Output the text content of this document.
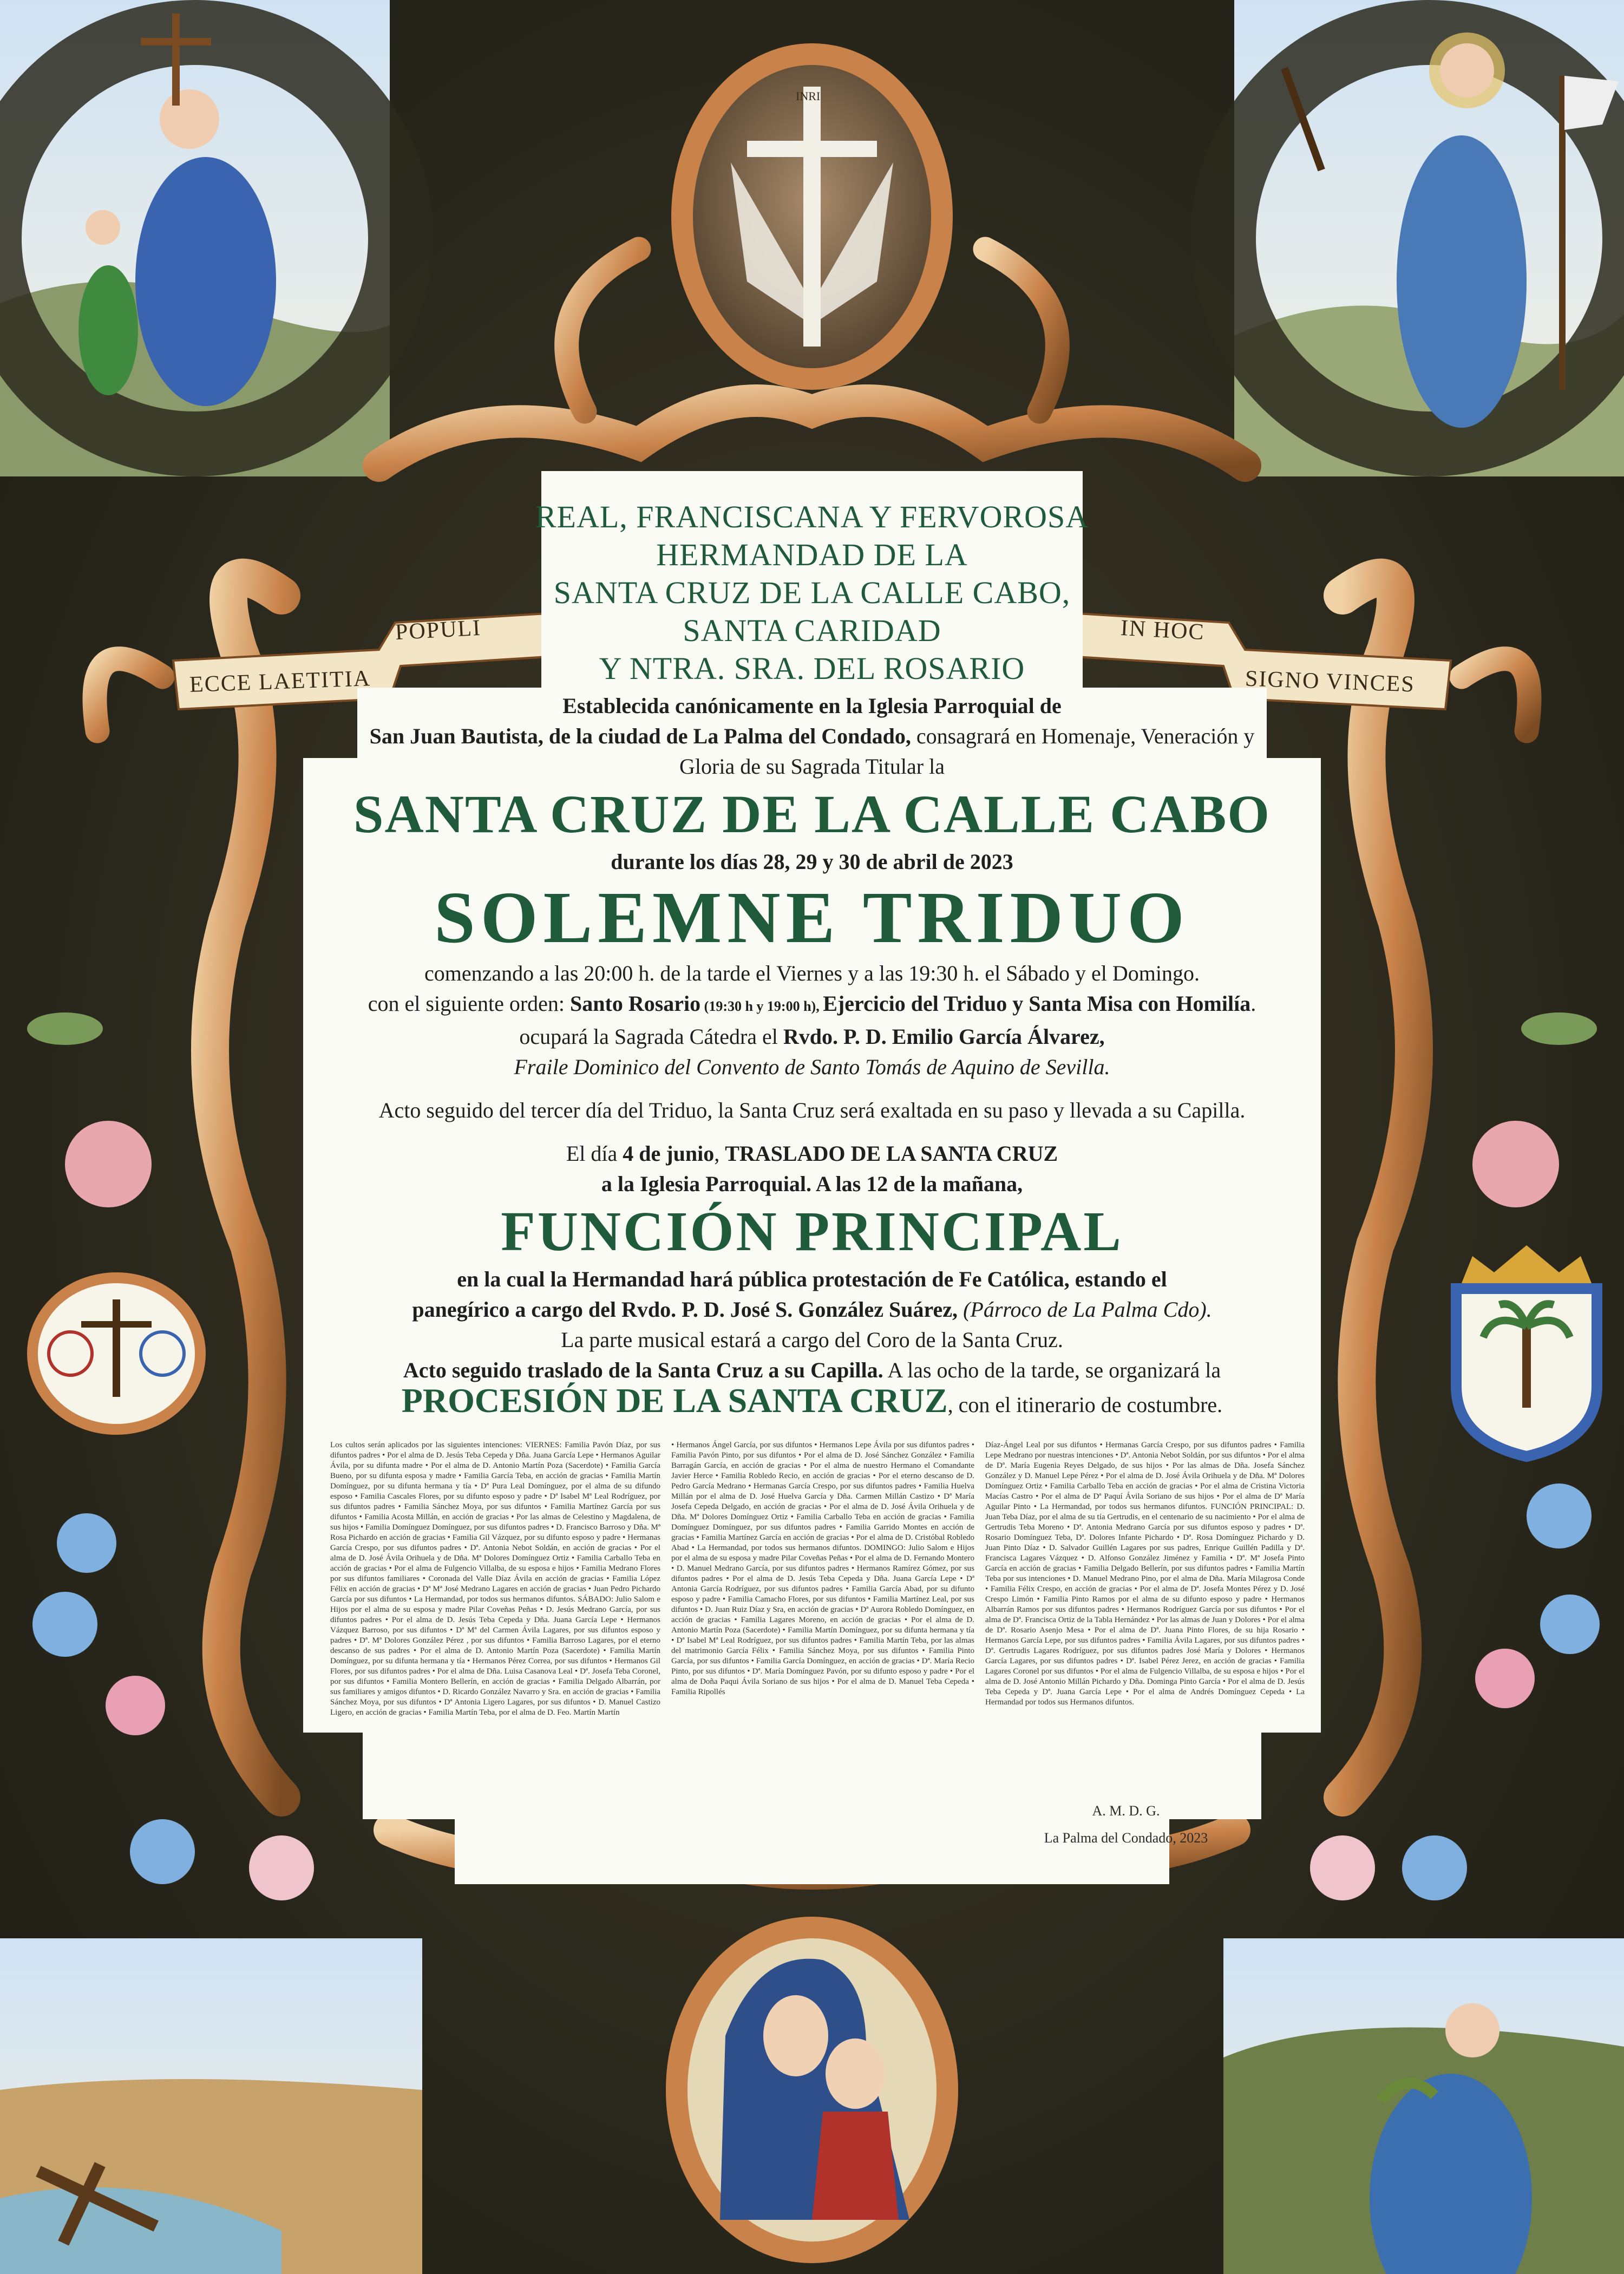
POPULI
ECCE LAETITIA
IN HOC
SIGNO VINCES
REAL, FRANCISCANA Y FERVOROSA
HERMANDAD DE LA
SANTA CRUZ DE LA CALLE CABO,
SANTA CARIDAD
Y NTRA. SRA. DEL ROSARIO
Establecida canónicamente en la Iglesia Parroquial de
San Juan Bautista, de la ciudad de La Palma del Condado, consagrará en Homenaje, Veneración y
Gloria de su Sagrada Titular la
SANTA CRUZ DE LA CALLE CABO
durante los días 28, 29 y 30 de abril de 2023
SOLEMNE TRIDUO
comenzando a las 20:00 h. de la tarde el Viernes y a las 19:30 h. el Sábado y el Domingo.
con el siguiente orden: Santo Rosario (19:30 h y 19:00 h), Ejercicio del Triduo y Santa Misa con Homilía.
ocupará la Sagrada Cátedra el Rvdo. P. D. Emilio García Álvarez,
Fraile Dominico del Convento de Santo Tomás de Aquino de Sevilla.
Acto seguido del tercer día del Triduo, la Santa Cruz será exaltada en su paso y llevada a su Capilla.
El día 4 de junio, TRASLADO DE LA SANTA CRUZ
a la Iglesia Parroquial. A las 12 de la mañana,
FUNCIÓN PRINCIPAL
en la cual la Hermandad hará pública protestación de Fe Católica, estando el
panegírico a cargo del Rvdo. P. D. José S. González Suárez, (Párroco de La Palma Cdo).
La parte musical estará a cargo del Coro de la Santa Cruz.
Acto seguido traslado de la Santa Cruz a su Capilla. A las ocho de la tarde, se organizará la
PROCESIÓN DE LA SANTA CRUZ, con el itinerario de costumbre.
Los cultos serán aplicados por las siguientes intenciones: VIERNES: Familia Pavón Díaz, por sus difuntos padres • Por el alma de D. Jesús Teba Cepeda y Dña. Juana García Lepe • Hermanos Aguilar Ávila, por su difunta madre • Por el alma de D. Antonio Martín Poza (Sacerdote) • Familia García Bueno, por su difunta esposa y madre • Familia García Teba, en acción de gracias • Familia Martín Domínguez, por su difunta hermana y tía • Dª Pura Leal Domínguez, por el alma de su difundo esposo • Familia Cascales Flores, por su difunto esposo y padre • Dª Isabel Mª Leal Rodríguez, por sus difuntos padres • Familia Sánchez Moya, por sus difuntos • Familia Martínez García por sus difuntos • Familia Acosta Millán, en acción de gracias • Por las almas de Celestino y Magdalena, de sus hijos • Familia Domínguez Domínguez, por sus difuntos padres • D. Francisco Barroso y Dña. Mª Rosa Pichardo en acción de gracias • Familia Gil Vázquez, por su difunto esposo y padre • Hermanas García Crespo, por sus difuntos padres • Dª. Antonia Nebot Soldán, en acción de gracias • Por el alma de D. José Ávila Orihuela y de Dña. Mª Dolores Domínguez Ortiz • Familia Carballo Teba en acción de gracias • Por el alma de Fulgencio Villalba, de su esposa e hijos • Familia Medrano Flores por sus difuntos familiares • Coronada del Valle Díaz Ávila en acción de gracias • Familia López Félix en acción de gracias • Dª Mª José Medrano Lagares en acción de gracias • Juan Pedro Pichardo García por sus difuntos • La Hermandad, por todos sus hermanos difuntos. SÁBADO: Julio Salom e Hijos por el alma de su esposa y madre Pilar Coveñas Peñas • D. Jesús Medrano García, por sus difuntos padres • Por el alma de D. Jesús Teba Cepeda y Dña. Juana García Lepe • Hermanos Vázquez Barroso, por sus difuntos • Dª Mª del Carmen Ávila Lagares, por sus difuntos esposo y padres • Dª. Mª Dolores González Pérez , por sus difuntos • Familia Barroso Lagares, por el eterno descanso de sus padres • Por el alma de D. Antonio Martín Poza (Sacerdote) • Familia Martín Domínguez, por su difunta hermana y tía • Hermanos Pérez Correa, por sus difuntos • Hermanos Gil Flores, por sus difuntos padres • Por el alma de Dña. Luisa Casanova Leal • Dª. Josefa Teba Coronel, por sus difuntos • Familia Montero Bellerín, en acción de gracias • Familia Delgado Albarrán, por sus familiares y amigos difuntos • D. Ricardo González Navarro y Sra. en acción de gracias • Familia Sánchez Moya, por sus difuntos • Dª Antonia Ligero Lagares, por sus difuntos • D. Manuel Castizo Ligero, en acción de gracias • Familia Martín Teba, por el alma de D. Feo. Martín Martín
• Hermanos Ángel García, por sus difuntos • Hermanos Lepe Ávila por sus difuntos padres • Familia Pavón Pinto, por sus difuntos • Por el alma de D. José Sánchez González • Familia Barragán García, en acción de gracias • Por el alma de nuestro Hermano el Comandante Javier Herce • Familia Robledo Recio, en acción de gracias • Por el eterno descanso de D. Pedro García Medrano • Hermanas García Crespo, por sus difuntos padres • Familia Huelva Millán por el alma de D. José Huelva García y Dña. Carmen Millán Castizo • Dª María Josefa Cepeda Delgado, en acción de gracias • Por el alma de D. José Ávila Orihuela y de Dña. Mª Dolores Domínguez Ortiz • Familia Carballo Teba en acción de gracias • Familia Domínguez Domínguez, por sus difuntos padres • Familia Garrido Montes en acción de gracias • Familia Martínez García en acción de gracias • Por el alma de D. Cristóbal Robledo Abad • La Hermandad, por todos sus hermanos difuntos. DOMINGO: Julio Salom e Hijos por el alma de su esposa y madre Pilar Coveñas Peñas • Por el alma de D. Fernando Montero • D. Manuel Medrano García, por sus difuntos padres • Hermanos Ramírez Gómez, por sus difuntos padres • Por el alma de D. Jesús Teba Cepeda y Dña. Juana García Lepe • Dª Antonia García Rodríguez, por sus difuntos padres • Familia García Abad, por su difunto esposo y padre • Familia Camacho Flores, por sus difuntos • Familia Martínez Leal, por sus difuntos • D. Juan Ruiz Díaz y Sra, en acción de gracias • Dª Aurora Robledo Domínguez, en acción de gracias • Familia Lagares Moreno, en acción de gracias • Por el alma de D. Antonio Martín Poza (Sacerdote) • Familia Martín Domínguez, por su difunta hermana y tía • Dª Isabel Mª Leal Rodríguez, por sus difuntos padres • Familia Martín Teba, por las almas del matrimonio García Félix • Familia Sánchez Moya, por sus difuntos • Familia Pinto García, por sus difuntos • Familia García Domínguez, en acción de gracias • Dª. María Recio Pinto, por sus difuntos • Dª. María Domínguez Pavón, por su difunto esposo y padre • Por el alma de Doña Paqui Ávila Soriano de sus hijos • Por el alma de D. Manuel Teba Cepeda • Familia Ripollés
Díaz-Ángel Leal por sus difuntos • Hermanas García Crespo, por sus difuntos padres • Familia Lepe Medrano por nuestras intenciones • Dª. Antonia Nebot Soldán, por sus difuntos • Por el alma de Dª. María Eugenia Reyes Delgado, de sus hijos • Por las almas de Dña. Josefa Sánchez González y D. Manuel Lepe Pérez • Por el alma de D. José Ávila Orihuela y de Dña. Mª Dolores Domínguez Ortiz • Familia Carballo Teba en acción de gracias • Por el alma de Cristina Victoria Macías Castro • Por el alma de Dª Paquí Ávila Soriano de sus hijos • Por el alma de Dª María Aguilar Pinto • La Hermandad, por todos sus hermanos difuntos. FUNCIÓN PRINCIPAL: D. Juan Teba Díaz, por el alma de su tía Gertrudis, en el centenario de su nacimiento • Por el alma de Gertrudis Teba Moreno • Dª. Antonia Medrano García por sus difuntos esposo y padres • Dª. Rosario Domínguez Teba, Dª. Dolores Infante Pichardo • Dª. Rosa Domínguez Pichardo y D. Juan Pinto Díaz • D. Salvador Guillén Lagares por sus padres, Enrique Guillén Padilla y Dª. Francisca Lagares Vázquez • D. Alfonso González Jiménez y Familia • Dª. Mª Josefa Pinto García en acción de gracias • Familia Delgado Bellerín, por sus difuntos padres • Familia Martín Teba por sus intenciones • D. Manuel Medrano Pino, por el alma de Dña. María Milagrosa Conde • Familia Félix Crespo, en acción de gracias • Por el alma de Dª. Josefa Montes Pérez y D. José Crespo Limón • Familia Pinto Ramos por el alma de su difunto esposo y padre • Hermanos Albarrán Ramos por sus difuntos padres • Hermanos Rodríguez García por sus difuntos • Por el alma de Dª. Francisca Ortiz de la Tabla Hernández • Por las almas de Juan y Dolores • Por el alma de Dª. Rosario Asenjo Mesa • Por el alma de Dª. Juana Pinto Flores, de su hija Rosario • Hermanos García Lepe, por sus difuntos padres • Familia Ávila Lagares, por sus difuntos padres • Dª. Gertrudis Lagares Rodríguez, por sus difuntos padres José María y Dolores • Hermanos García Lagares, por sus difuntos padres • Dª. Isabel Pérez Jerez, en acción de gracias • Familia Lagares Coronel por sus difuntos • Por el alma de Fulgencio Villalba, de su esposa e hijos • Por el alma de D. José Antonio Millán Pichardo y Dña. Dominga Pinto García • Por el alma de D. Jesús Teba Cepeda y Dª. Juana García Lepe • Por el alma de Andrés Domínguez Cepeda • La Hermandad por todos sus Hermanos difuntos.
A. M. D. G.
La Palma del Condado, 2023
INRI
